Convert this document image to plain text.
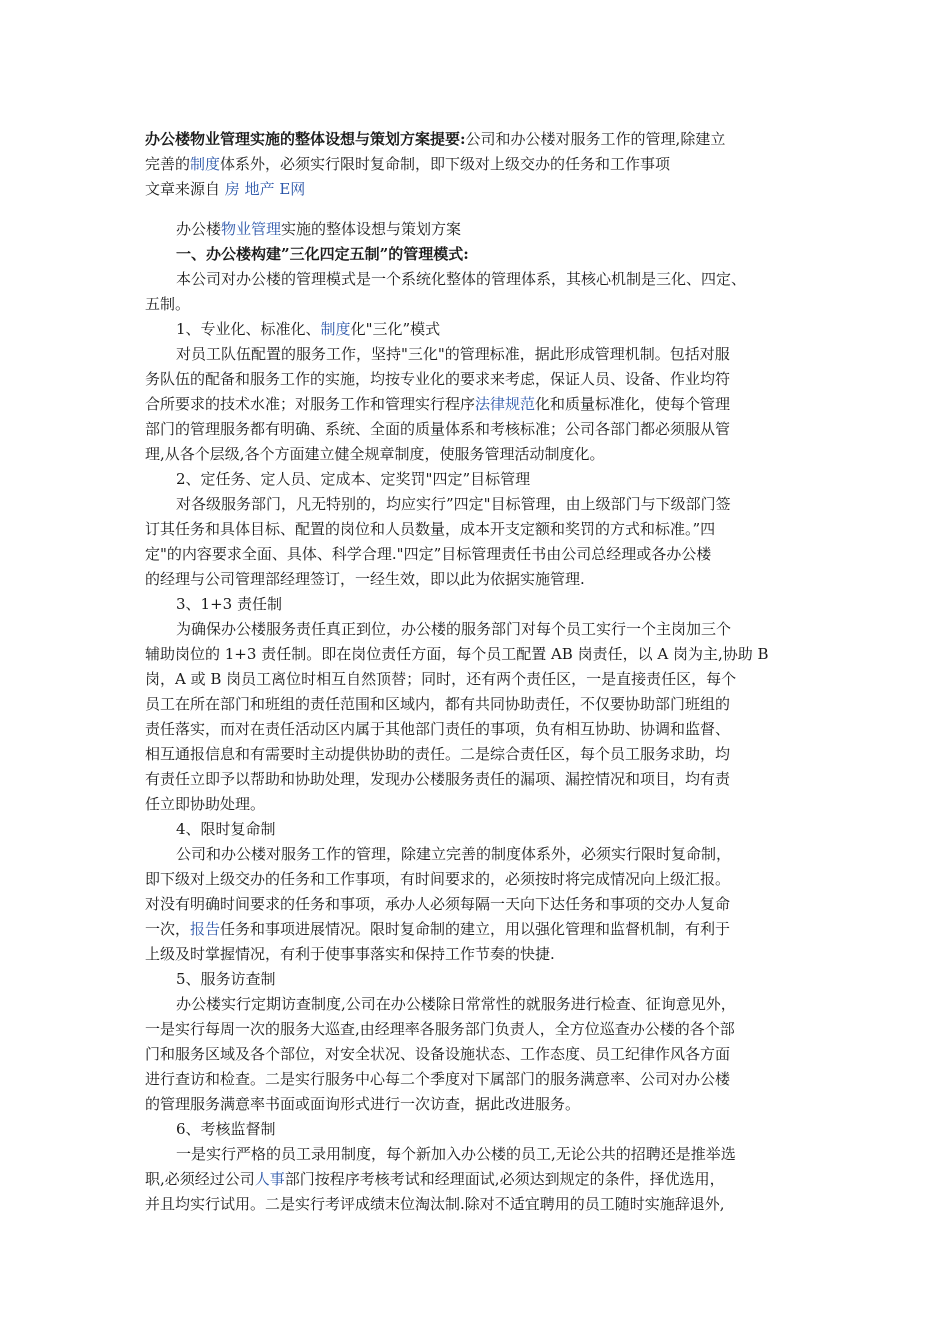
办公楼物业管理实施的整体设想与策划方案提要:公司和办公楼对服务工作的管理,除建立
完善的制度体系外，必须实行限时复命制，即下级对上级交办的任务和工作事项
文章来源自 房 地产 E网
办公楼物业管理实施的整体设想与策划方案
一、办公楼构建”三化四定五制”的管理模式:
本公司对办公楼的管理模式是一个系统化整体的管理体系，其核心机制是三化、四定、
五制。
1、专业化、标准化、制度化"三化”模式
对员工队伍配置的服务工作，坚持"三化"的管理标准，据此形成管理机制。包括对服
务队伍的配备和服务工作的实施，均按专业化的要求来考虑，保证人员、设备、作业均符
合所要求的技术水准；对服务工作和管理实行程序法律规范化和质量标准化，使每个管理
部门的管理服务都有明确、系统、全面的质量体系和考核标准；公司各部门都必须服从管
理,从各个层级,各个方面建立健全规章制度，使服务管理活动制度化。
2、定任务、定人员、定成本、定奖罚"四定”目标管理
对各级服务部门，凡无特别的，均应实行”四定"目标管理，由上级部门与下级部门签
订其任务和具体目标、配置的岗位和人员数量，成本开支定额和奖罚的方式和标准。”四
定"的内容要求全面、具体、科学合理."四定”目标管理责任书由公司总经理或各办公楼
的经理与公司管理部经理签订，一经生效，即以此为依据实施管理.
3、1+3 责任制
为确保办公楼服务责任真正到位，办公楼的服务部门对每个员工实行一个主岗加三个
辅助岗位的 1+3 责任制。即在岗位责任方面，每个员工配置 AB 岗责任，以 A 岗为主,协助 B
岗，A 或 B 岗员工离位时相互自然顶替；同时，还有两个责任区，一是直接责任区，每个
员工在所在部门和班组的责任范围和区域内，都有共同协助责任，不仅要协助部门班组的
责任落实，而对在责任活动区内属于其他部门责任的事项，负有相互协助、协调和监督、
相互通报信息和有需要时主动提供协助的责任。二是综合责任区，每个员工服务求助，均
有责任立即予以帮助和协助处理，发现办公楼服务责任的漏项、漏控情况和项目，均有责
任立即协助处理。
4、限时复命制
公司和办公楼对服务工作的管理，除建立完善的制度体系外，必须实行限时复命制，
即下级对上级交办的任务和工作事项，有时间要求的，必须按时将完成情况向上级汇报。
对没有明确时间要求的任务和事项，承办人必须每隔一天向下达任务和事项的交办人复命
一次，报告任务和事项进展情况。限时复命制的建立，用以强化管理和监督机制，有利于
上级及时掌握情况，有利于使事事落实和保持工作节奏的快捷.
5、服务访查制
办公楼实行定期访查制度,公司在办公楼除日常常性的就服务进行检查、征询意见外，
一是实行每周一次的服务大巡查,由经理率各服务部门负责人，全方位巡查办公楼的各个部
门和服务区域及各个部位，对安全状况、设备设施状态、工作态度、员工纪律作风各方面
进行查访和检查。二是实行服务中心每二个季度对下属部门的服务满意率、公司对办公楼
的管理服务满意率书面或面询形式进行一次访查，据此改进服务。
6、考核监督制
一是实行严格的员工录用制度，每个新加入办公楼的员工,无论公共的招聘还是推举选
职,必须经过公司人事部门按程序考核考试和经理面试,必须达到规定的条件，择优选用，
并且均实行试用。二是实行考评成绩末位淘汰制.除对不适宜聘用的员工随时实施辞退外,
